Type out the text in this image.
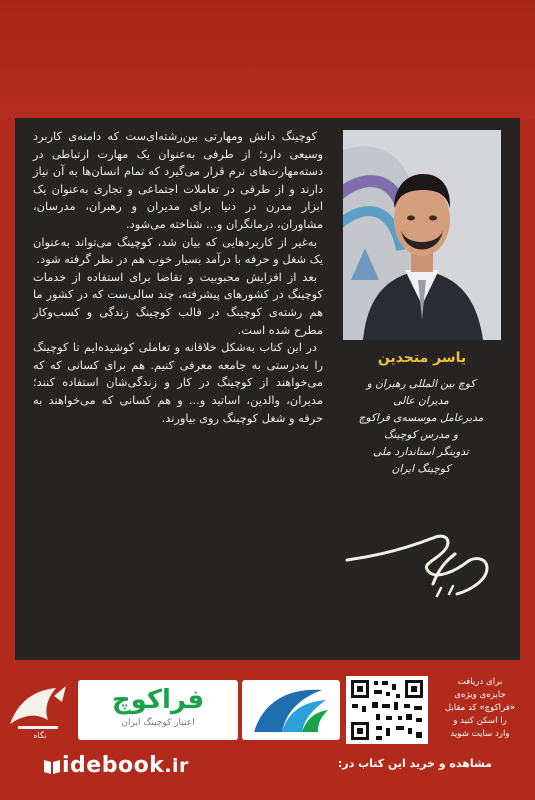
کوچینگ دانش ومهارتی بین‌رشته‌ای‌ست که دامنه‌ی کاربرد وسیعی دارد؛ از طرفی به‌عنوان یک مهارت ارتباطی در دسته‌مهارت‌های نرم قرار می‌گیرد که تمام انسان‌ها به آن نیاز دارند و از طرفی در تعاملات اجتماعی و تجاری به‌عنوان یک ابزار مدرن در دنیا برای مدیران و رهبران، مدرسان، مشاوران، درمانگران و... شناخته می‌شود.

به‌غیر از کاربردهایی که بیان شد، کوچینگ می‌تواند به‌عنوان یک شغل و حرفه با درآمد بسیار خوب هم در نظر گرفته شود.

بعد از افزایش محبوبیت و تقاضا برای استفاده از خدمات کوچینگ در کشورهای پیشرفته، چند سالی‌ست که در کشور ما هم رشته‌ی کوچینگ در قالب کوچینگ زندگی و کسب‌وکار مطرح شده است.

در این کتاب به‌شکل خلاقانه و تعاملی کوشیده‌ایم تا کوچینگ را به‌درستی به جامعه معرفی کنیم. هم برای کسانی که که می‌خواهند از کوچینگ در کار و زندگی‌شان استفاده کنند؛ مدیران، والدین، اساتید و... و هم کسانی که می‌خواهند به حرفه و شغل کوچینگ روی بیاورند.

یاسر متحدین
کوچ بین المللی رهبران و
مدیران عالی
مدیرعامل موسسه‌ی فراکوچ
و مدرس کوچینگ
تدوینگر استاندارد ملی
کوچینگ ایران
نگاه
فراکوچ
اعتبار کوچینگ ایران
برای دریافت
جایزه‌ی ویژه‌ی
«فراکوچ» کد مقابل
را اسکن کنید و
وارد سایت شوید
مشاهده و خرید این کتاب در:
idebook.ir
